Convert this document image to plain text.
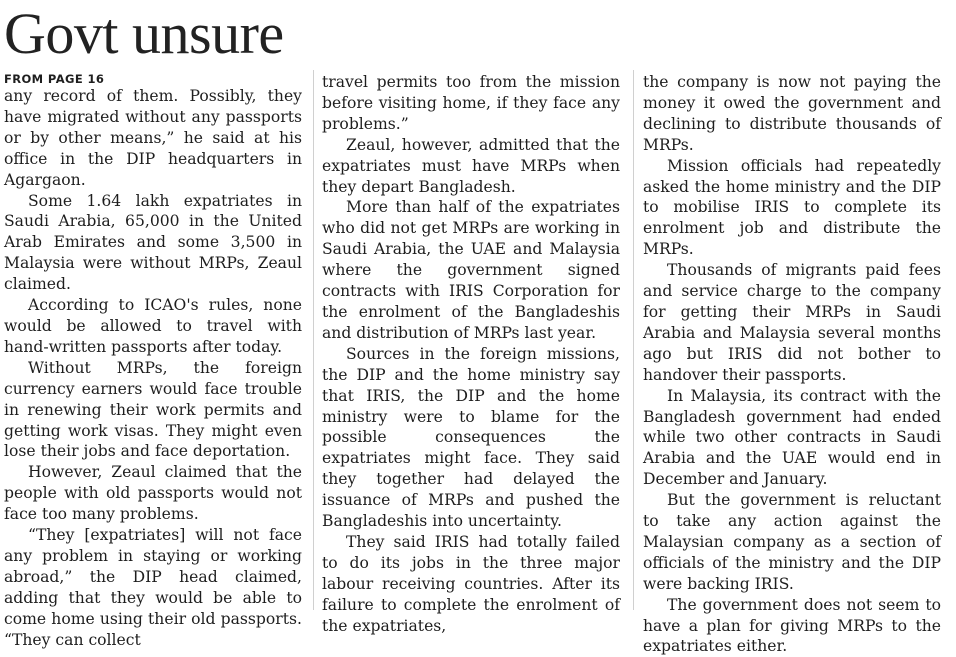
Govt unsure
FROM PAGE 16

any record of them. Possibly, they have migrated without any passports or by other means,” he said at his office in the DIP headquarters in Agargaon.

Some 1.64 lakh expatriates in Saudi Arabia, 65,000 in the United Arab Emirates and some 3,500 in Malaysia were without MRPs, Zeaul claimed.

According to ICAO's rules, none would be allowed to travel with hand-written passports after today.

Without MRPs, the foreign currency earners would face trouble in renewing their work permits and getting work visas. They might even lose their jobs and face deportation.

However, Zeaul claimed that the people with old passports would not face too many problems.

“They [expatriates] will not face any problem in staying or working abroad,” the DIP head claimed, adding that they would be able to come home using their old passports. “They can collect

travel permits too from the mission before visiting home, if they face any problems.”

Zeaul, however, admitted that the expatriates must have MRPs when they depart Bangladesh.

More than half of the expatriates who did not get MRPs are working in Saudi Arabia, the UAE and Malaysia where the government signed contracts with IRIS Corporation for the enrolment of the Bangladeshis and distribution of MRPs last year.

Sources in the foreign missions, the DIP and the home ministry say that IRIS, the DIP and the home ministry were to blame for the possible consequences the expatriates might face. They said they together had delayed the issuance of MRPs and pushed the Bangladeshis into uncertainty.

They said IRIS had totally failed to do its jobs in the three major labour receiving countries. After its failure to complete the enrolment of the expatriates,

the company is now not paying the money it owed the government and declining to distribute thousands of MRPs.

Mission officials had repeatedly asked the home ministry and the DIP to mobilise IRIS to complete its enrolment job and distribute the MRPs.

Thousands of migrants paid fees and service charge to the company for getting their MRPs in Saudi Arabia and Malaysia several months ago but IRIS did not bother to handover their passports.

In Malaysia, its contract with the Bangladesh government had ended while two other contracts in Saudi Arabia and the UAE would end in December and January.

But the government is reluctant to take any action against the Malaysian company as a section of officials of the ministry and the DIP were backing IRIS.

The government does not seem to have a plan for giving MRPs to the expatriates either.
